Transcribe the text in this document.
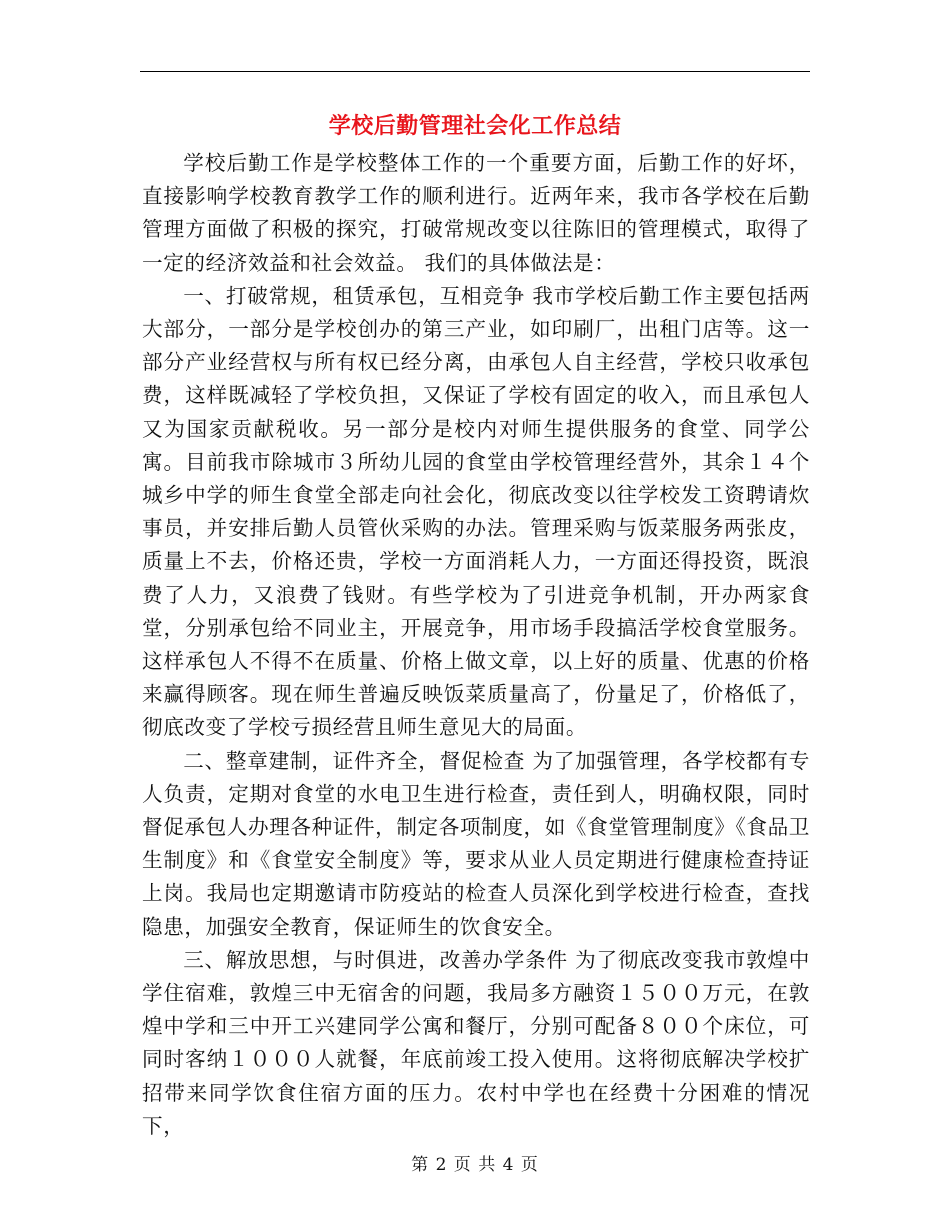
学校后勤管理社会化工作总结

学校后勤工作是学校整体工作的一个重要方面，后勤工作的好坏，直接影响学校教育教学工作的顺利进行。近两年来，我市各学校在后勤管理方面做了积极的探究，打破常规改变以往陈旧的管理模式，取得了一定的经济效益和社会效益。 我们的具体做法是：

一、打破常规，租赁承包，互相竞争 我市学校后勤工作主要包括两大部分，一部分是学校创办的第三产业，如印刷厂，出租门店等。这一部分产业经营权与所有权已经分离，由承包人自主经营，学校只收承包费，这样既减轻了学校负担，又保证了学校有固定的收入，而且承包人又为国家贡献税收。另一部分是校内对师生提供服务的食堂、同学公寓。目前我市除城市３所幼儿园的食堂由学校管理经营外，其余１４个城乡中学的师生食堂全部走向社会化，彻底改变以往学校发工资聘请炊事员，并安排后勤人员管伙采购的办法。管理采购与饭菜服务两张皮，质量上不去，价格还贵，学校一方面消耗人力，一方面还得投资，既浪费了人力，又浪费了钱财。有些学校为了引进竞争机制，开办两家食堂，分别承包给不同业主，开展竞争，用市场手段搞活学校食堂服务。这样承包人不得不在质量、价格上做文章，以上好的质量、优惠的价格来赢得顾客。现在师生普遍反映饭菜质量高了，份量足了，价格低了，彻底改变了学校亏损经营且师生意见大的局面。

二、整章建制，证件齐全，督促检查 为了加强管理，各学校都有专人负责，定期对食堂的水电卫生进行检查，责任到人，明确权限，同时督促承包人办理各种证件，制定各项制度，如《食堂管理制度》《食品卫生制度》和《食堂安全制度》等，要求从业人员定期进行健康检查持证上岗。我局也定期邀请市防疫站的检查人员深化到学校进行检查，查找隐患，加强安全教育，保证师生的饮食安全。

三、解放思想，与时俱进，改善办学条件 为了彻底改变我市敦煌中学住宿难，敦煌三中无宿舍的问题，我局多方融资１５００万元，在敦煌中学和三中开工兴建同学公寓和餐厅，分别可配备８００个床位，可同时客纳１０００人就餐，年底前竣工投入使用。这将彻底解决学校扩招带来同学饮食住宿方面的压力。农村中学也在经费十分困难的情况下，

第 2 页 共 4 页
